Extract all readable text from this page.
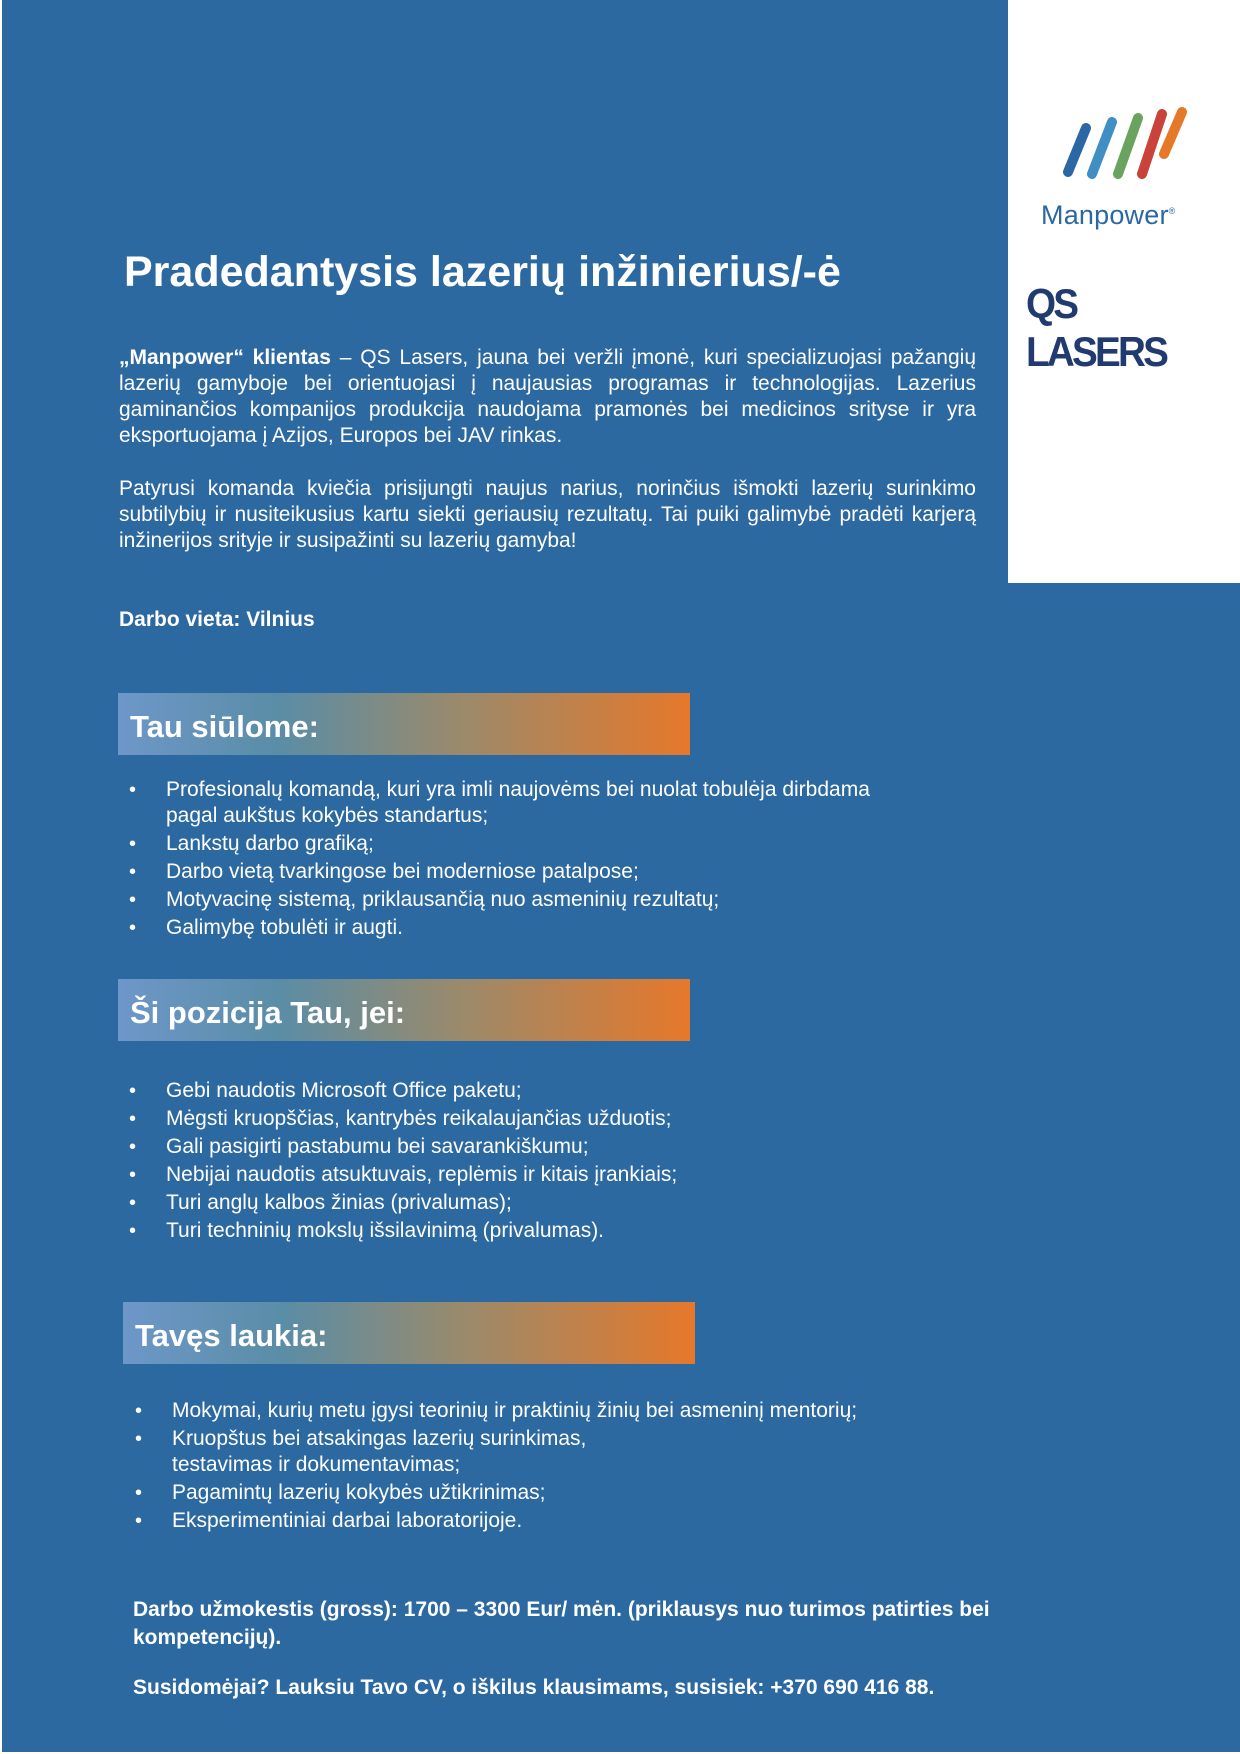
Manpower®
QS LASERS
Pradedantysis lazerių inžinierius/-ė

„Manpower“ klientas – QS Lasers, jauna bei veržli įmonė, kuri specializuojasi pažangių lazerių gamyboje bei orientuojasi į naujausias programas ir technologijas. Lazerius gaminančios kompanijos produkcija naudojama pramonės bei medicinos srityse ir yra eksportuojama į Azijos, Europos bei JAV rinkas.

Patyrusi komanda kviečia prisijungti naujus narius, norinčius išmokti lazerių surinkimo subtilybių ir nusiteikusius kartu siekti geriausių rezultatų. Tai puiki galimybė pradėti karjerą inžinerijos srityje ir susipažinti su lazerių gamyba!

Darbo vieta: Vilnius
Tau siūlome:
• Profesionalų komandą, kuri yra imli naujovėms bei nuolat tobulėja dirbdama pagal aukštus kokybės standartus;
• Lankstų darbo grafiką;
• Darbo vietą tvarkingose bei moderniose patalpose;
• Motyvacinę sistemą, priklausančią nuo asmeninių rezultatų;
• Galimybę tobulėti ir augti.
Ši pozicija Tau, jei:
• Gebi naudotis Microsoft Office paketu;
• Mėgsti kruopščias, kantrybės reikalaujančias užduotis;
• Gali pasigirti pastabumu bei savarankiškumu;
• Nebijai naudotis atsuktuvais, replėmis ir kitais įrankiais;
• Turi anglų kalbos žinias (privalumas);
• Turi techninių mokslų išsilavinimą (privalumas).
Tavęs laukia:
• Mokymai, kurių metu įgysi teorinių ir praktinių žinių bei asmeninį mentorių;
• Kruopštus bei atsakingas lazerių surinkimas, testavimas ir dokumentavimas;
• Pagamintų lazerių kokybės užtikrinimas;
• Eksperimentiniai darbai laboratorijoje.
Darbo užmokestis (gross): 1700 – 3300 Eur/ mėn. (priklausys nuo turimos patirties bei kompetencijų).
Susidomėjai? Lauksiu Tavo CV, o iškilus klausimams, susisiek: +370 690 416 88.
